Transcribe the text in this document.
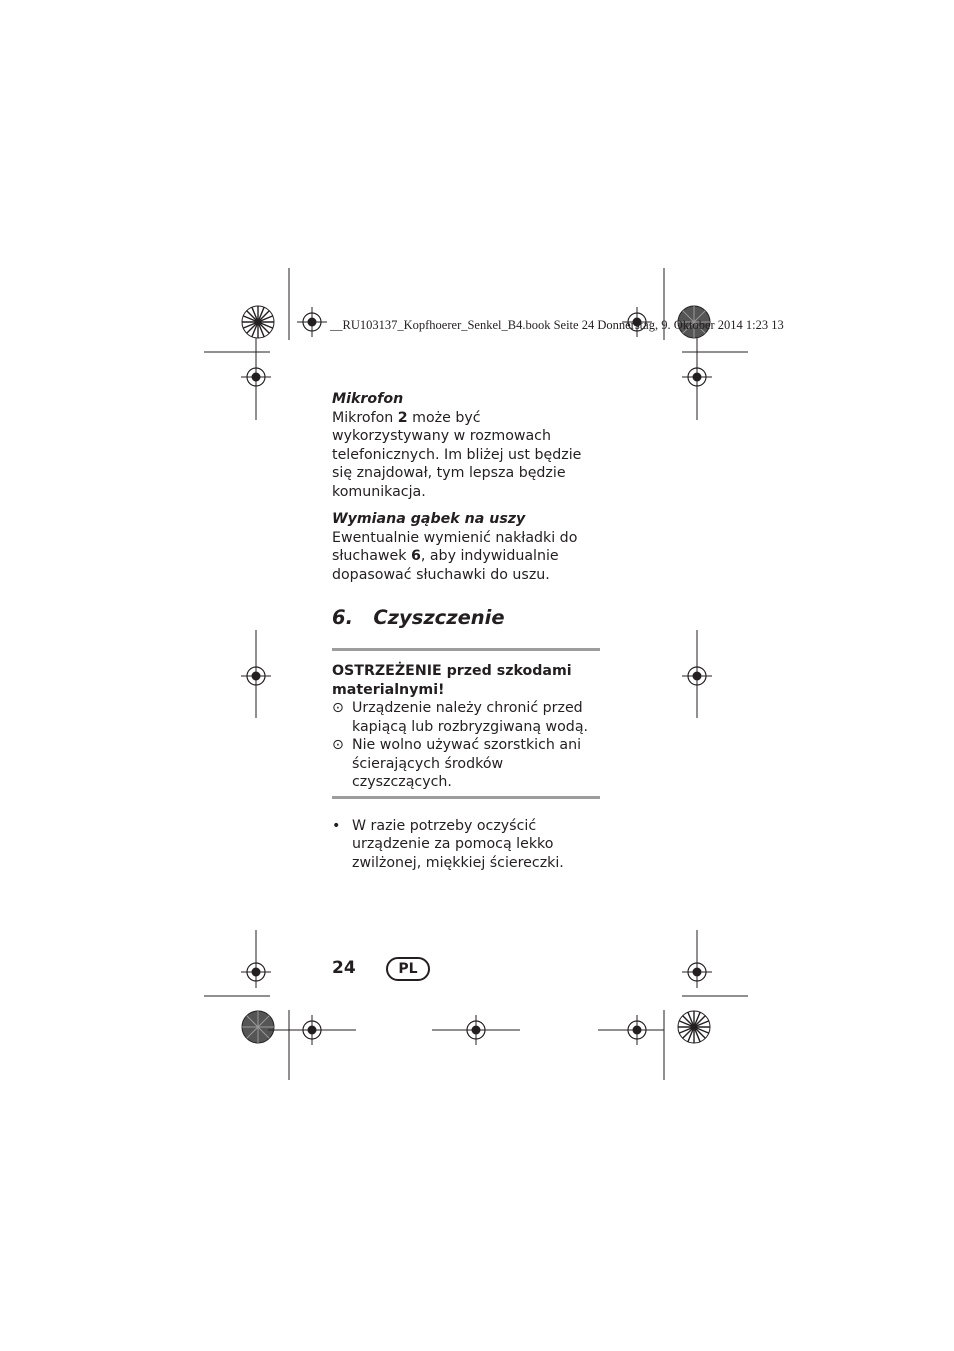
__RU103137_Kopfhoerer_Senkel_B4.book Seite 24 Donnerstag, 9. Oktober 2014 1:23 13

Mikrofon

Mikrofon 2 może być wykorzystywany w rozmowach telefonicznych. Im bliżej ust będzie się znajdował, tym lepsza będzie komunikacja.

Wymiana gąbek na uszy

Ewentualnie wymienić nakładki do słuchawek 6, aby indywidualnie dopasować słuchawki do uszu.

6.   Czyszczenie
OSTRZEŻENIE przed szkodami materialnymi!
⊙ Urządzenie należy chronić przed kapiącą lub rozbryzgiwaną wodą.
⊙ Nie wolno używać szorstkich ani ścierających środków czyszczących.
• W razie potrzeby oczyścić urządzenie za pomocą lekko zwilżonej, miękkiej ściereczki.
24	PL
